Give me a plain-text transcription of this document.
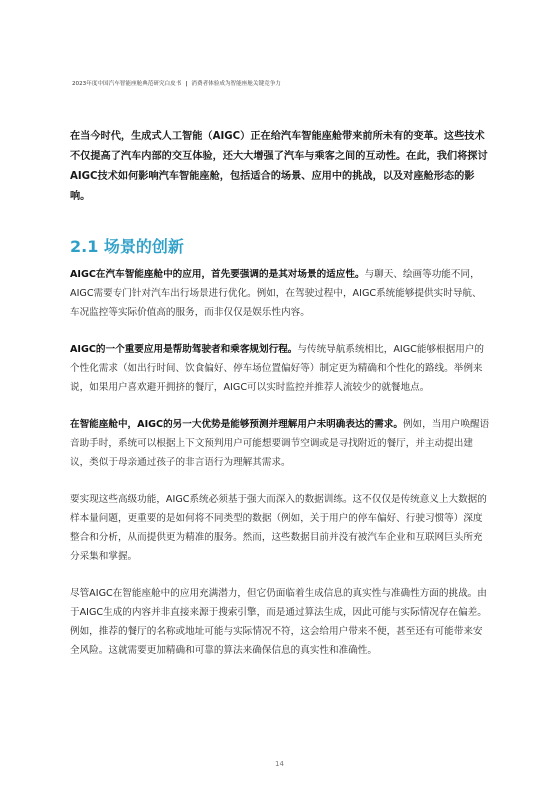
2023年度中国汽车智能座舱典范研究白皮书 | 消费者体验成为智能座舱关键竞争力

在当今时代，生成式人工智能（AIGC）正在给汽车智能座舱带来前所未有的变革。这些技术不仅提高了汽车内部的交互体验，还大大增强了汽车与乘客之间的互动性。在此，我们将探讨AIGC技术如何影响汽车智能座舱，包括适合的场景、应用中的挑战，以及对座舱形态的影响。

2.1 场景的创新

AIGC在汽车智能座舱中的应用，首先要强调的是其对场景的适应性。与聊天、绘画等功能不同，AIGC需要专门针对汽车出行场景进行优化。例如，在驾驶过程中，AIGC系统能够提供实时导航、车况监控等实际价值高的服务，而非仅仅是娱乐性内容。

AIGC的一个重要应用是帮助驾驶者和乘客规划行程。与传统导航系统相比，AIGC能够根据用户的个性化需求（如出行时间、饮食偏好、停车场位置偏好等）制定更为精确和个性化的路线。举例来说，如果用户喜欢避开拥挤的餐厅，AIGC可以实时监控并推荐人流较少的就餐地点。

在智能座舱中，AIGC的另一大优势是能够预测并理解用户未明确表达的需求。例如，当用户唤醒语音助手时，系统可以根据上下文预判用户可能想要调节空调或是寻找附近的餐厅，并主动提出建议，类似于母亲通过孩子的非言语行为理解其需求。

要实现这些高级功能，AIGC系统必须基于强大而深入的数据训练。这不仅仅是传统意义上大数据的样本量问题，更重要的是如何将不同类型的数据（例如，关于用户的停车偏好、行驶习惯等）深度整合和分析，从而提供更为精准的服务。然而，这些数据目前并没有被汽车企业和互联网巨头所充分采集和掌握。

尽管AIGC在智能座舱中的应用充满潜力，但它仍面临着生成信息的真实性与准确性方面的挑战。由于AIGC生成的内容并非直接来源于搜索引擎，而是通过算法生成，因此可能与实际情况存在偏差。例如，推荐的餐厅的名称或地址可能与实际情况不符，这会给用户带来不便，甚至还有可能带来安全风险。这就需要更加精确和可靠的算法来确保信息的真实性和准确性。

14
